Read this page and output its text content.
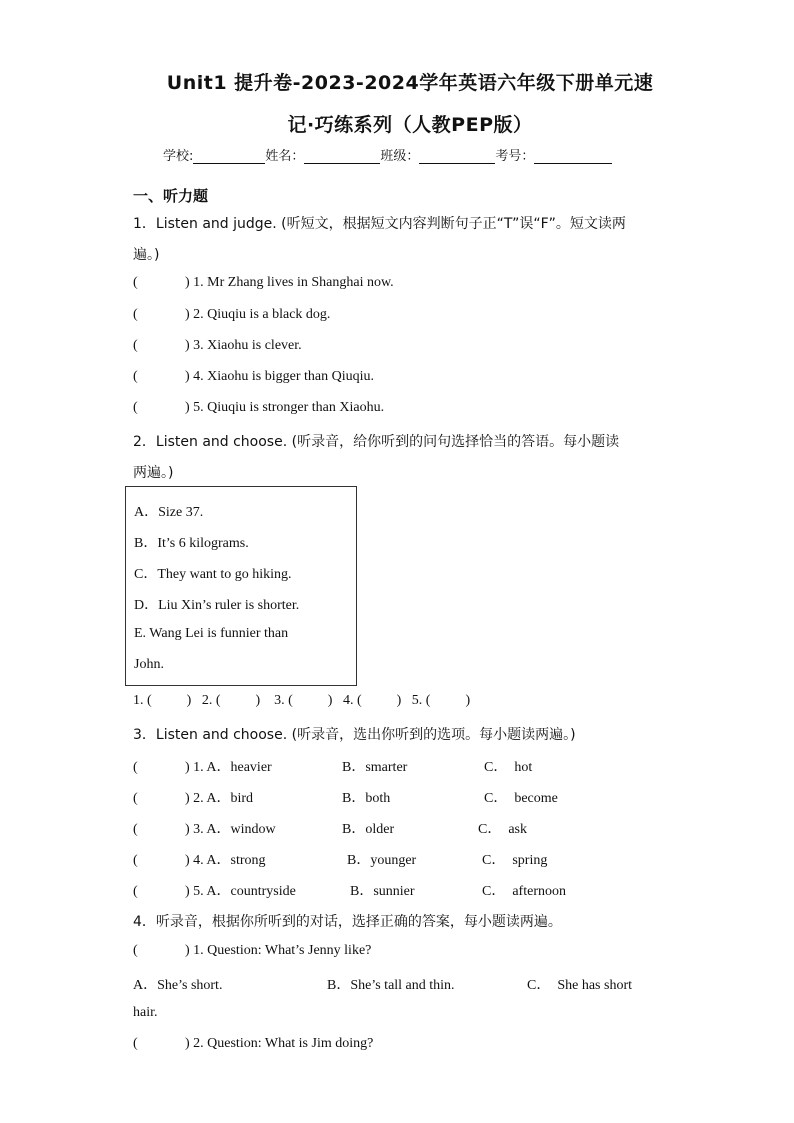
Unit1 提升卷-2023-2024学年英语六年级下册单元速
记·巧练系列（人教PEP版）
学校:	姓名：	班级：	考号：
一、听力题
1．Listen and judge. (听短文，根据短文内容判断句子正“T”误“F”。短文读两
遍。)
(	) 1. Mr Zhang lives in Shanghai now.
(	) 2. Qiuqiu is a black dog.
(	) 3. Xiaohu is clever.
(	) 4. Xiaohu is bigger than Qiuqiu.
(	) 5. Qiuqiu is stronger than Xiaohu.
2．Listen and choose. (听录音，给你听到的问句选择恰当的答语。每小题读
两遍。)
A．Size 37.
B．It’s 6 kilograms.
C．They want to go hiking.
D．Liu Xin’s ruler is shorter.
E. Wang Lei is funnier than
John.
1. (          )   2. (          )    3. (          )   4. (          )   5. (          )
3．Listen and choose. (听录音，选出你听到的选项。每小题读两遍。)
(	) 1. A．heavier	B．smarter	C．  hot
(	) 2. A．bird	B．both	C．  become
(	) 3. A．window	B．older	C．  ask
(	) 4. A．strong	B．younger	C．  spring
(	) 5. A．countryside	B．sunnier	C．  afternoon
4．听录音，根据你所听到的对话，选择正确的答案，每小题读两遍。
(	) 1. Question: What’s Jenny like?
A．She’s short.	B．She’s tall and thin.	C．  She has short
hair.
(	) 2. Question: What is Jim doing?
